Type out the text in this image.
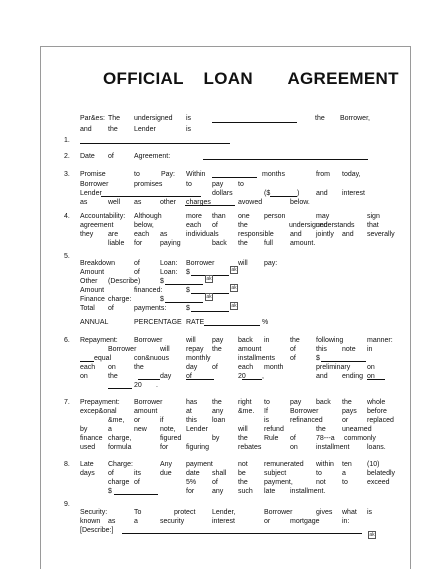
OFFICIAL    LOAN       AGREEMENT
Par&es: The undersigned is	the Borrower,
and the Lender	is
1.
2. Date of	Agreement:
3. Promise	to	Pay: Within	months	from today,
Borrower	promises	to	pay to
Lender	dollars	($	) and interest
as	well as	other charges	avowed	below.
4. Accountability: Although	more than one person	may	sign
agreement	below,	each of	the	undersigned
understands that
they are each as	individuals	responsible and jointly and severally
liable for	paying	back the full amount.
5.
Breakdown	of	Loan: Borrower	will pay:
Amount	of	Loan: $	ak
Other (Describe)	$	ak
Amount	financed:	$	ak
Finance charge:	$	ak
Total of	payments:	$	ak
ANNUAL	PERCENTAGE RATE	%
6. Repayment: Borrower	will pay back in	the following	manner:
Borrower	will repay the amount	of	this note in
equal	con&nuous monthly	installments of	$
each on	the	day of	each month	preliminary on
on	the	day of	20 ,	and ending on
20 .
7. Prepayment: Borrower	has the right to	pay back the whole
excep&onal amount	at	any &me. If	Borrower	pays before
&me, or	if	this loan	is	refinanced	or	replaced
by	a	new note, Lender	will refund	the unearned
finance charge,	figured	by	the Rule of	78---a commonly
used formula	for	figuring	rebates	on	installment	loans.
8. Late Charge:	Any payment	not remunerated within ten (10)
days of	its	due date shall be	subject	to	a	belatedly
charge of	5% of	the payment,	not to	exceed
$	for	any such late installment.
9.
Security:	To	protect Lender,	Borrower	gives what is
known as	a	security	interest	or	mortgage	in:
[Describe:]
ak
